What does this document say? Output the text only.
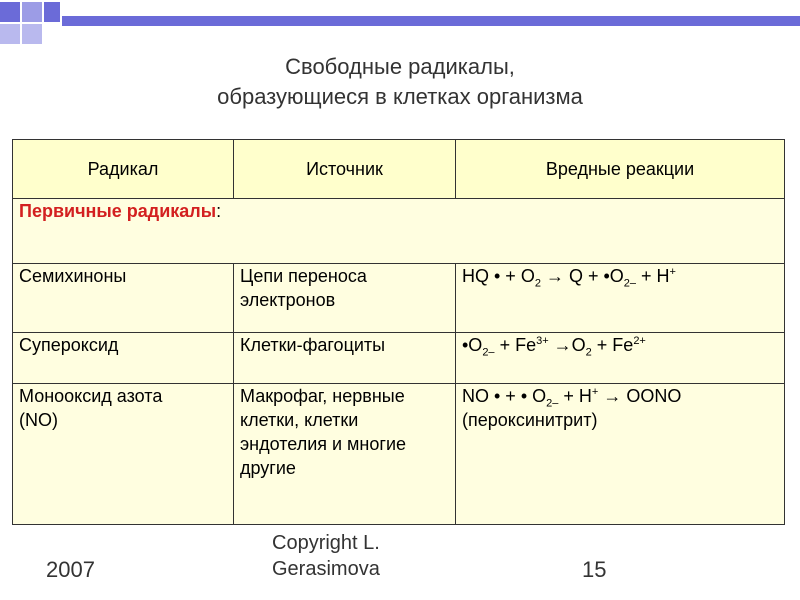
Свободные радикалы,
образующиеся в клетках организма
Радикал	Источник	Вредные реакции
Первичные радикалы:		
Семихиноны	Цепи переноса электронов	HQ • + $O_2 \to Q$ + $•O_{2-} + H^+$
Супероксид	Клетки-фагоциты	$•O_{2-} + Fe^{3+} \to O_2 + Fe^{2+}$

Монооксид азота (NO)	Макрофаг, нервные клетки, клетки эндотелия и многие другие	NO • + • $O_{2-} + H^+$ → OONO
(пероксинитрит)
2007
Copyright L. Gerasimova	15
